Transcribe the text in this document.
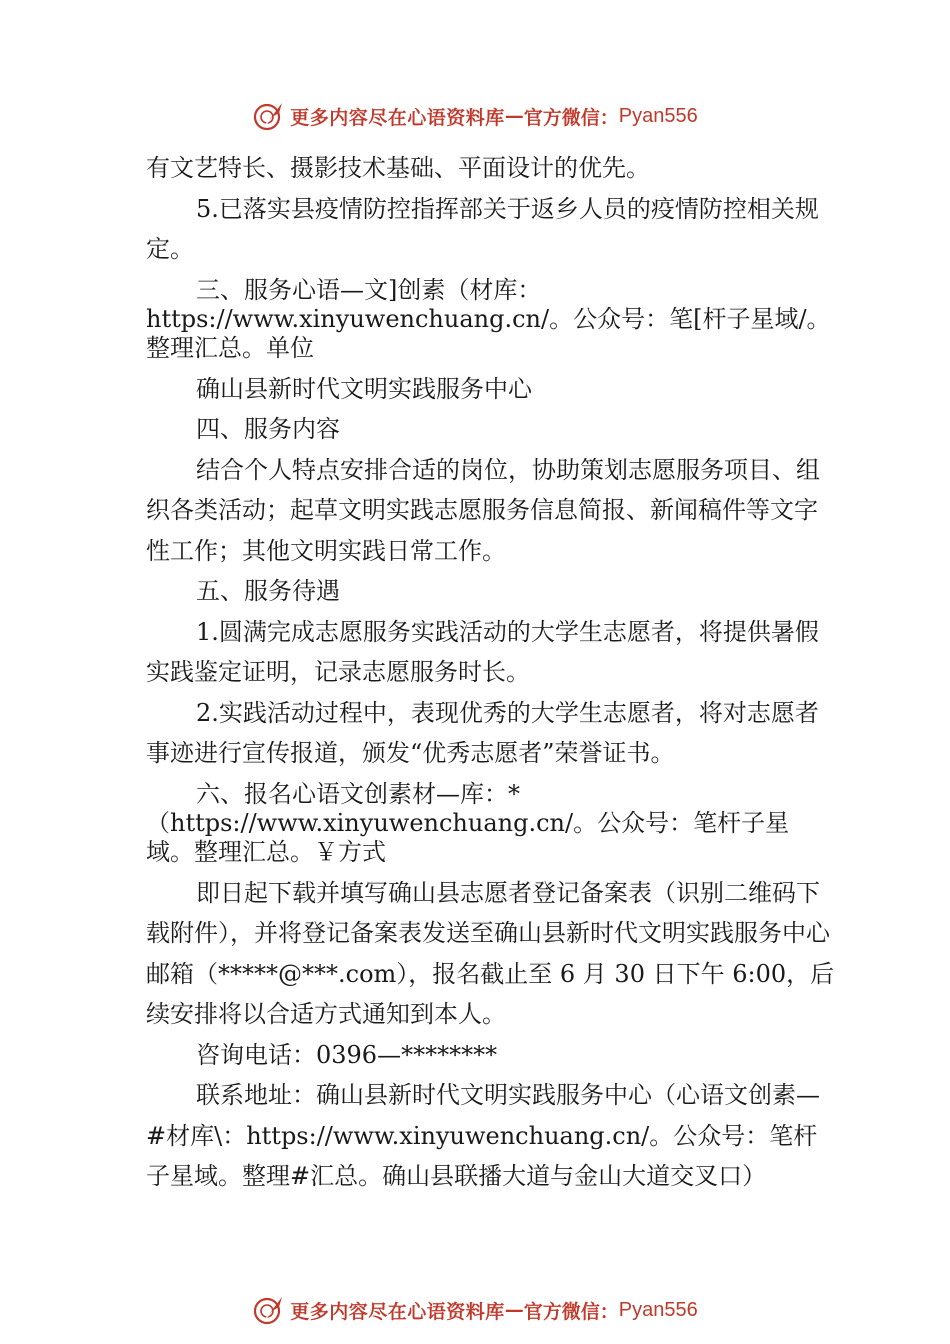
更多内容尽在心语资料库 — 官方微信： Pyan556

有文艺特长、摄影技术基础、平面设计的优先。

5.已落实县疫情防控指挥部关于返乡人员的疫情防控相关规定。

三、服务心语—文]创素（材库：https://www.xinyuwenchuang.cn/。公众号：笔[杆子星域/。整理汇总。单位

确山县新时代文明实践服务中心

四、服务内容

结合个人特点安排合适的岗位，协助策划志愿服务项目、组织各类活动；起草文明实践志愿服务信息简报、新闻稿件等文字性工作；其他文明实践日常工作。

五、服务待遇

1.圆满完成志愿服务实践活动的大学生志愿者，将提供暑假实践鉴定证明，记录志愿服务时长。

2.实践活动过程中，表现优秀的大学生志愿者，将对志愿者事迹进行宣传报道，颁发“优秀志愿者”荣誉证书。

六、报名心语文创素材—库：*（https://www.xinyuwenchuang.cn/。公众号：笔杆子星域。整理汇总。￥方式

即日起下载并填写确山县志愿者登记备案表（识别二维码下载附件），并将登记备案表发送至确山县新时代文明实践服务中心邮箱（*****@***.com），报名截止至 6 月 30 日下午 6:00，后续安排将以合适方式通知到本人。

咨询电话：0396—********

联系地址：确山县新时代文明实践服务中心（心语文创素—#材库\：https://www.xinyuwenchuang.cn/。公众号：笔杆子星域。整理#汇总。确山县联播大道与金山大道交叉口）

更多内容尽在心语资料库 — 官方微信： Pyan556
